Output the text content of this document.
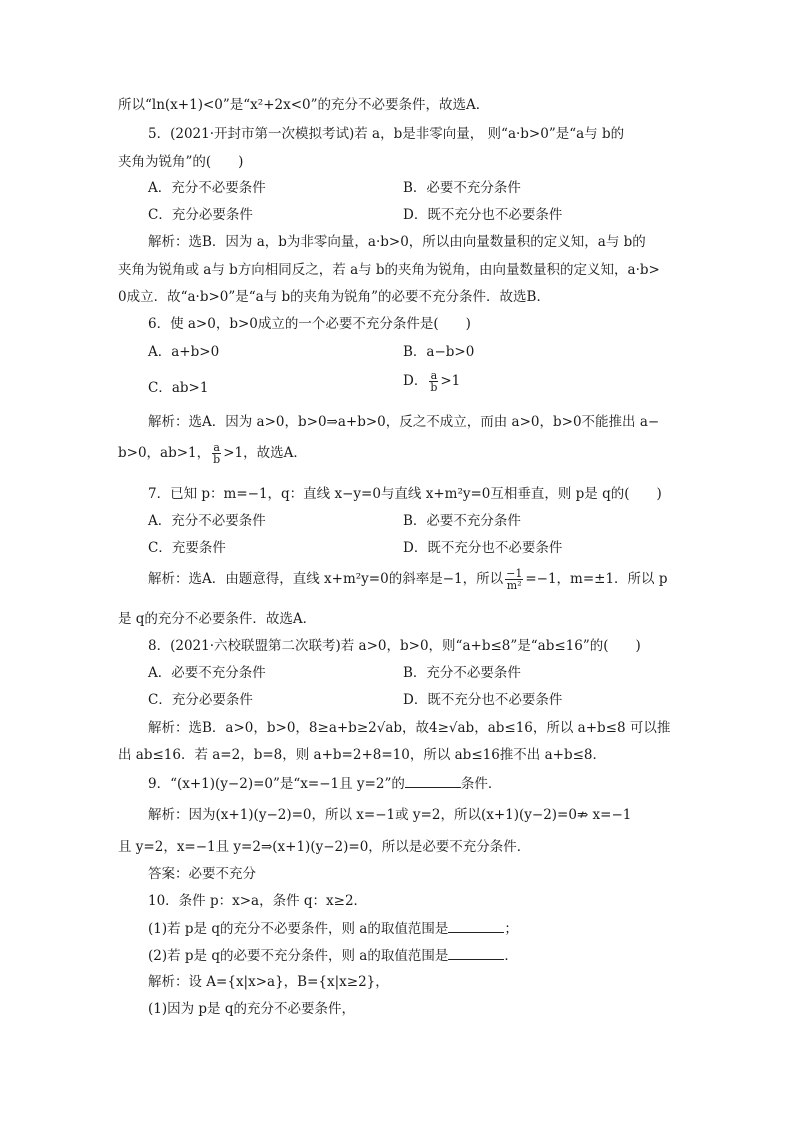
所以“ln(x+1)<0”是“x²+2x<0”的充分不必要条件，故选A．
5．(2021·开封市第一次模拟考试)若 a，b是非零向量， 则“a·b>0”是“a与 b的
夹角为锐角”的(　　)
A．充分不必要条件	B．必要不充分条件
C．充分必要条件	D．既不充分也不必要条件
解析：选B．因为 a，b为非零向量，a·b>0，所以由向量数量积的定义知，a与 b的
夹角为锐角或 a与 b方向相同反之，若 a与 b的夹角为锐角，由向量数量积的定义知，a·b>
0成立．故“a·b>0”是“a与 b的夹角为锐角”的必要不充分条件．故选B．
6．使 a>0，b>0成立的一个必要不充分条件是(　　)
A．a+b>0	B．a−b>0
C．ab>1	D． $\frac{a}{b} >1$
解析：选A．因为 a>0，b>0⇒a+b>0，反之不成立，而由 a>0，b>0不能推出 a−
b>0，ab>1， $\frac{a}{b} >1$，故选A．
7．已知 p：m=−1，q：直线 x−y=0与直线 x+m²y=0互相垂直，则 p是 q的(　　)
A．充分不必要条件	B．必要不充分条件
C．充要条件	D．既不充分也不必要条件
解析：选A．由题意得，直线 x+m²y=0的斜率是−1，所以 $\frac{-1}{\text{m²}} =-1$，m=±1．所以 p
是 q的充分不必要条件．故选A．
8．(2021·六校联盟第二次联考)若 a>0，b>0，则“a+b≤8”是“ab≤16”的(　　)
A．必要不充分条件	B．充分不必要条件
C．充分必要条件	D．既不充分也不必要条件
解析：选B．a>0，b>0，8≥a+b≥2√ab，故4≥√ab，ab≤16，所以 a+b≤8 可以推
出 ab≤16．若 a=2，b=8，则 a+b=2+8=10，所以 ab≤16推不出 a+b≤8．
9．“(x+1)(y−2)=0”是“x=−1且 y=2”的	条件．
解析：因为(x+1)(y−2)=0，所以 x=−1或 y=2，所以(x+1)(y−2)=0⇏ x=−1
且 y=2，x=−1且 y=2⇒(x+1)(y−2)=0，所以是必要不充分条件．
答案：必要不充分
10．条件 p：x>a，条件 q：x≥2．
(1)若 p是 q的充分不必要条件，则 a的取值范围是	；
(2)若 p是 q的必要不充分条件，则 a的取值范围是	．
解析：设 A={x|x>a}，B={x|x≥2}，
(1)因为 p是 q的充分不必要条件，
